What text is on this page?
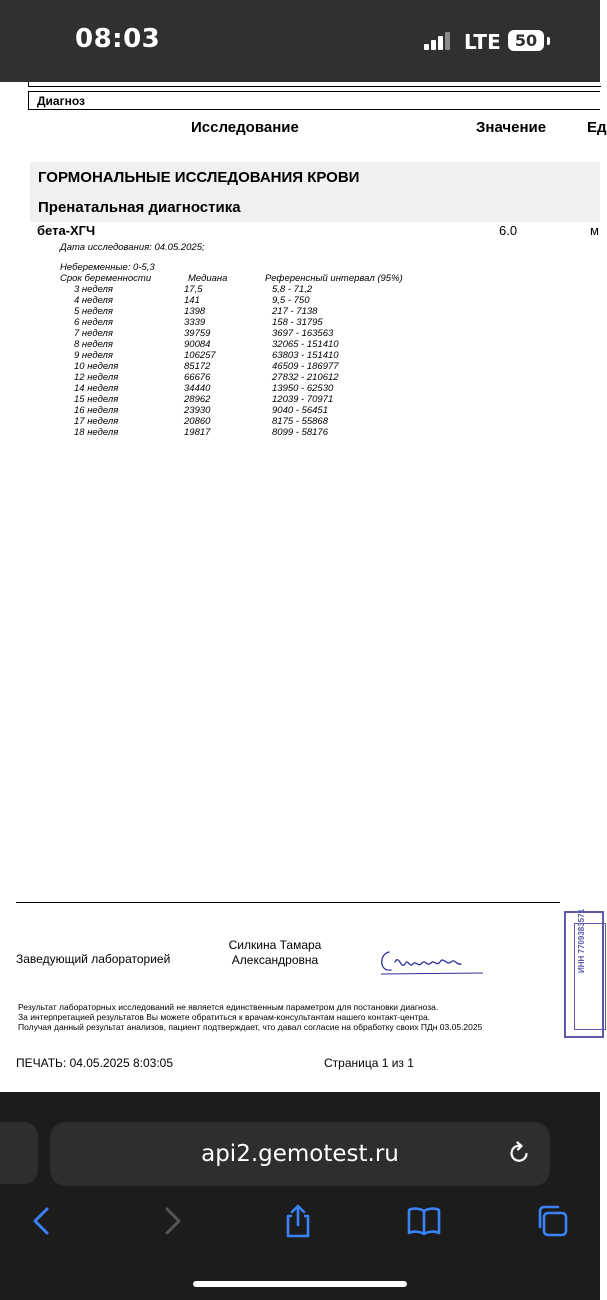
08:03	LTE 50
Диагноз
Исследование	Значение	Ед
ГОРМОНАЛЬНЫЕ ИССЛЕДОВАНИЯ КРОВИ
Пренатальная диагностика
бета-ХГЧ	6.0	м
Дата исследования: 04.05.2025;
Небеременные: 0-5,3
Срок беременности	Медиана	Референсный интервал (95%)
3 неделя	17,5	5,8 - 71,2
4 неделя	141	9,5 - 750
5 неделя	1398	217 - 7138
6 неделя	3339	158 - 31795
7 неделя	39759	3697 - 163563
8 неделя	90084	32065 - 151410
9 неделя	106257	63803 - 151410
10 неделя	85172	46509 - 186977
12 неделя	66676	27832 - 210612
14 неделя	34440	13950 - 62530
15 неделя	28962	12039 - 70971
16 неделя	23930	9040 - 56451
17 неделя	20860	8175 - 55868
18 неделя	19817	8099 - 58176
Заведующий лабораторией
Силкина Тамара
Александровна
Результат лабораторных исследований не является единственным параметром для постановки диагноза.
За интерпретацией результатов Вы можете обратиться к врачам-консультантам нашего контакт-центра.
Получая данный результат анализов, пациент подтверждает, что давал согласие на обработку своих ПДн 03.05.2025
ПЕЧАТЬ: 04.05.2025 8:03:05	Страница 1 из 1
ИНН 7709383571
api2.gemotest.ru
